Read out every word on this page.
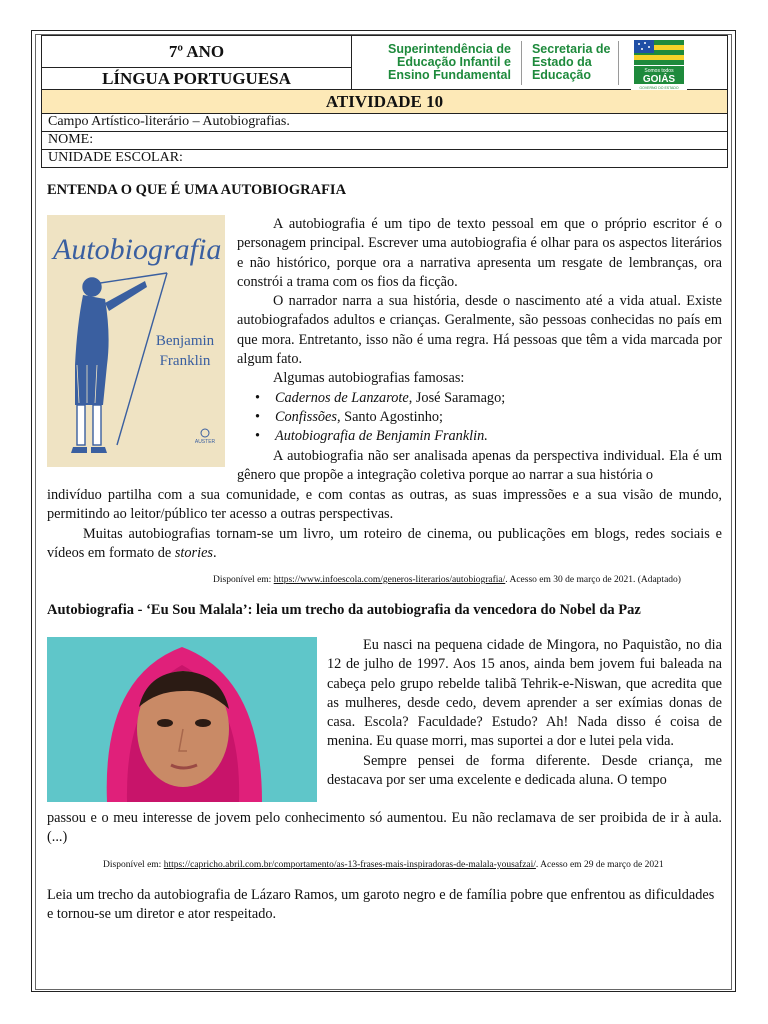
7º ANO
LÍNGUA PORTUGUESA
Superintendência de
Educação Infantil e
Ensino Fundamental
Secretaria de
Estado da
Educação	Somos todos
GOIÁS
GOVERNO DO ESTADO
ATIVIDADE 10
Campo Artístico-literário – Autobiografias.
NOME:
UNIDADE ESCOLAR:
ENTENDA O QUE É UMA AUTOBIOGRAFIA
Autobiografia
Benjamin
Franklin
AUSTER

A autobiografia é um tipo de texto pessoal em que o próprio escritor é o personagem principal. Escrever uma autobiografia é olhar para os aspectos literários e não histórico, porque ora a narrativa apresenta um resgate de lembranças, ora constrói a trama com os fios da ficção.

O narrador narra a sua história, desde o nascimento até a vida atual. Existe autobiografados adultos e crianças. Geralmente, são pessoas conhecidas no país em que mora. Entretanto, isso não é uma regra. Há pessoas que têm a vida marcada por algum fato.

Algumas autobiografias famosas:

• Cadernos de Lanzarote, José Saramago;
• Confissões, Santo Agostinho;
• Autobiografia de Benjamin Franklin.

A autobiografia não ser analisada apenas da perspectiva individual. Ela é um gênero que propõe a integração coletiva porque ao narrar a sua história o

indivíduo partilha com a sua comunidade, e com contas as outras, as suas impressões e a sua visão de mundo, permitindo ao leitor/público ter acesso a outras perspectivas.

Muitas autobiografias tornam-se um livro, um roteiro de cinema, ou publicações em blogs, redes sociais e vídeos em formato de stories.

Disponível em: https://www.infoescola.com/generos-literarios/autobiografia/. Acesso em 30 de março de 2021. (Adaptado)
Autobiografia - ‘Eu Sou Malala’: leia um trecho da autobiografia da vencedora do Nobel da Paz

Eu nasci na pequena cidade de Mingora, no Paquistão, no dia 12 de julho de 1997. Aos 15 anos, ainda bem jovem fui baleada na cabeça pelo grupo rebelde talibã Tehrik-e-Niswan, que acredita que as mulheres, desde cedo, devem aprender a ser exímias donas de casa. Escola? Faculdade? Estudo? Ah! Nada disso é coisa de menina. Eu quase morri, mas suportei a dor e lutei pela vida.

Sempre pensei de forma diferente. Desde criança, me destacava por ser uma excelente e dedicada aluna. O tempo

passou e o meu interesse de jovem pelo conhecimento só aumentou. Eu não reclamava de ser proibida de ir à aula. (...)

Disponível em: https://capricho.abril.com.br/comportamento/as-13-frases-mais-inspiradoras-de-malala-yousafzai/. Acesso em 29 de março de 2021
Leia um trecho da autobiografia de Lázaro Ramos, um garoto negro e de família pobre que enfrentou as dificuldades e tornou-se um diretor e ator respeitado.
